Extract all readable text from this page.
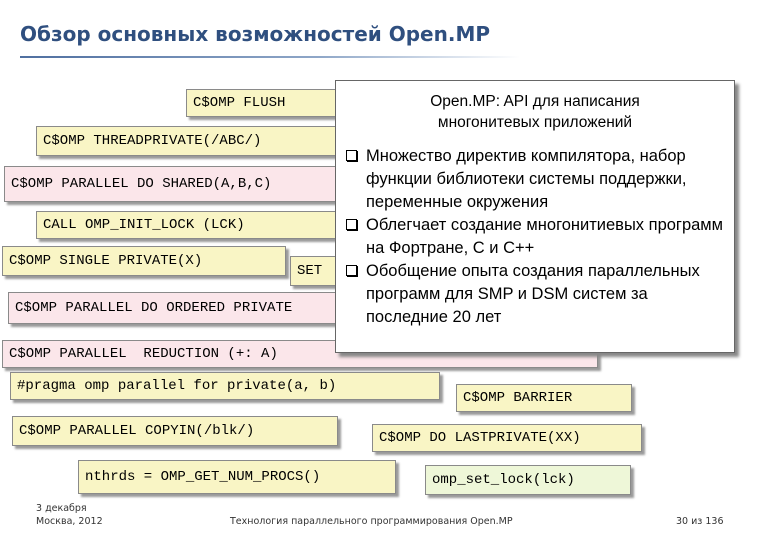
Обзор основных возможностей Open.MP
C$OMP FLUSH
C$OMP THREADPRIVATE(/ABC/)
C$OMP PARALLEL DO SHARED(A,B,C)
CALL OMP_INIT_LOCK (LCK)
C$OMP SINGLE PRIVATE(X)
SET
C$OMP PARALLEL DO ORDERED PRIVATE
C$OMP PARALLEL  REDUCTION (+: A)
Open.MP: API для написания
многонитевых приложений
Множество директив компилятора, набор функции библиотеки системы поддержки, переменные окружения
Облегчает создание многонитиевых программ на Фортране, C и C++
Обобщение опыта создания параллельных программ для SMP и DSM систем за последние 20 лет
#pragma omp parallel for private(a, b)
C$OMP BARRIER
C$OMP PARALLEL COPYIN(/blk/)	C$OMP DO LASTPRIVATE(XX)
nthrds = OMP_GET_NUM_PROCS()	omp_set_lock(lck)
3 декабря
Москва, 2012	Технология параллельного программирования Open.MP	30 из 136
